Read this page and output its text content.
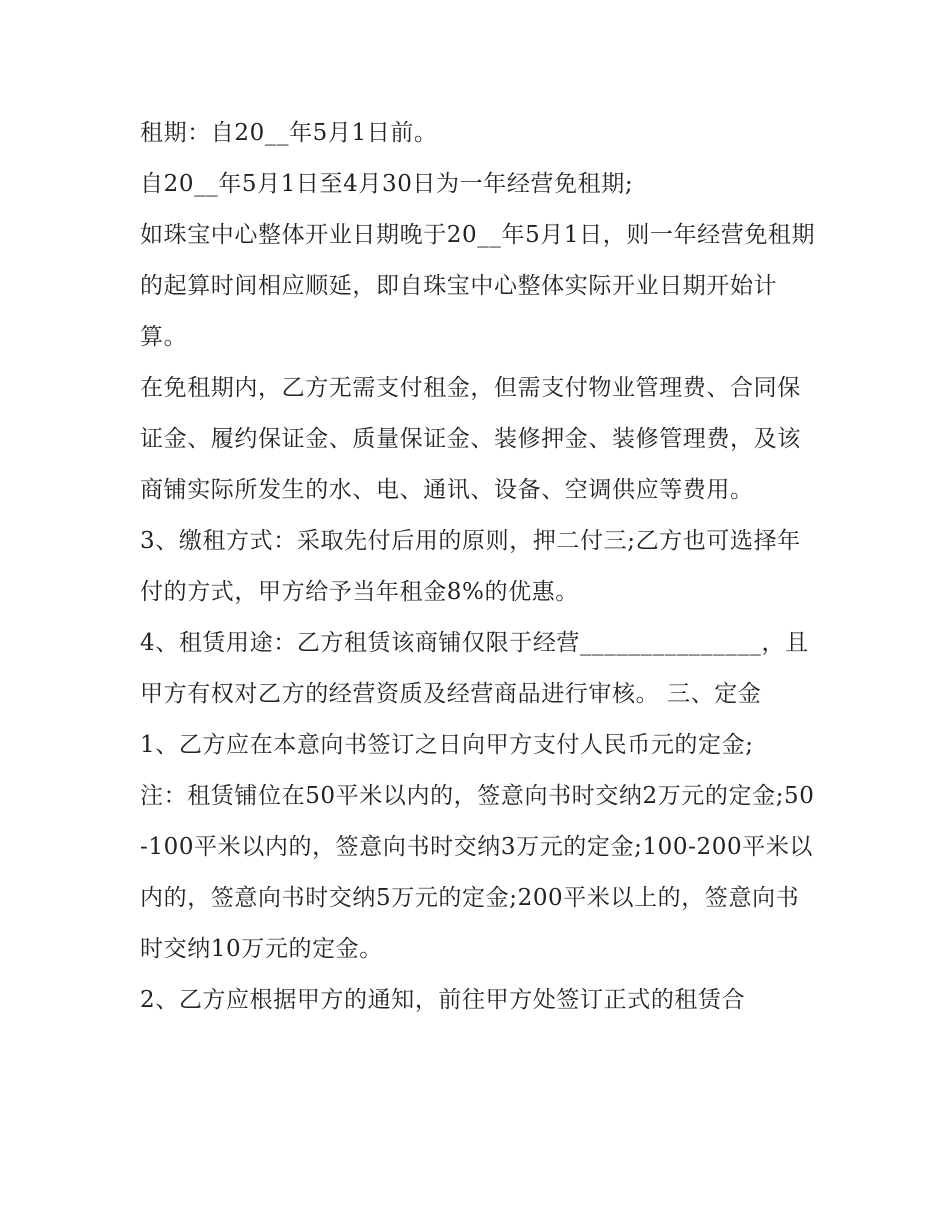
租期：自20__年5月1日前。

自20__年5月1日至4月30日为一年经营免租期;

如珠宝中心整体开业日期晚于20__年5月1日，则一年经营免租期的起算时间相应顺延，即自珠宝中心整体实际开业日期开始计算。

在免租期内，乙方无需支付租金，但需支付物业管理费、合同保证金、履约保证金、质量保证金、装修押金、装修管理费，及该商铺实际所发生的水、电、通讯、设备、空调供应等费用。

3、缴租方式：采取先付后用的原则，押二付三;乙方也可选择年付的方式，甲方给予当年租金8%的优惠。

4、租赁用途：乙方租赁该商铺仅限于经营_______________，且甲方有权对乙方的经营资质及经营商品进行审核。 三、定金

1、乙方应在本意向书签订之日向甲方支付人民币元的定金;

注：租赁铺位在50平米以内的，签意向书时交纳2万元的定金;50-100平米以内的，签意向书时交纳3万元的定金;100-200平米以内的，签意向书时交纳5万元的定金;200平米以上的，签意向书时交纳10万元的定金。

2、乙方应根据甲方的通知，前往甲方处签订正式的租赁合
